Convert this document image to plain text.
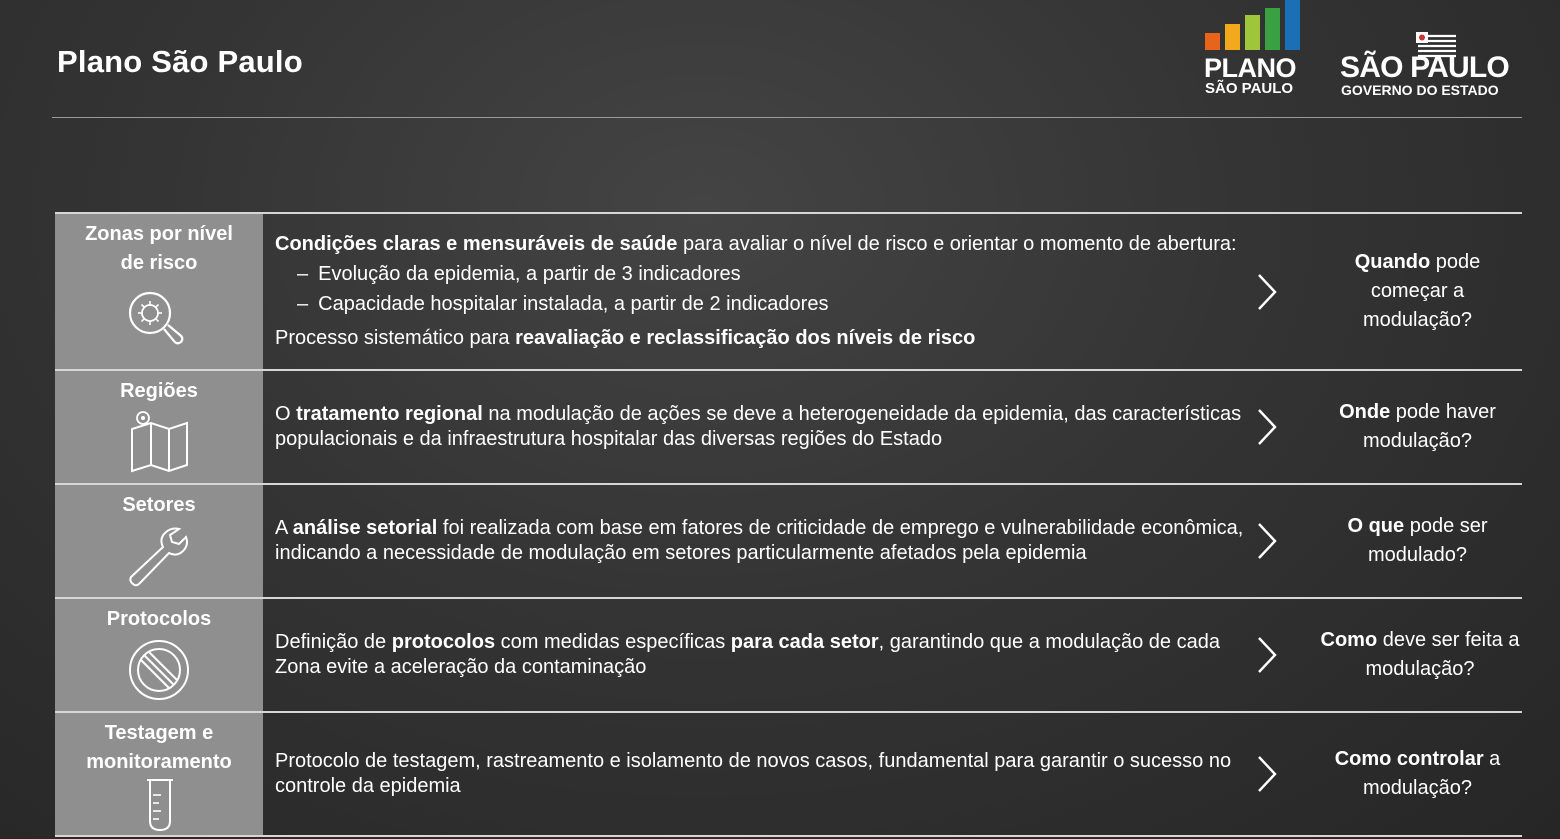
Plano São Paulo	PLANO
SÃO PAULO
SÃO PAULO
GOVERNO DO ESTADO
Zonas por nível de risco
Condições claras e mensuráveis de saúde para avaliar o nível de risco e orientar o momento de abertura:
– Evolução da epidemia, a partir de 3 indicadores
– Capacidade hospitalar instalada, a partir de 2 indicadores
Processo sistemático para reavaliação e reclassificação dos níveis de risco
Quando pode começar a modulação?
Regiões
O tratamento regional na modulação de ações se deve a heterogeneidade da epidemia, das características populacionais e da infraestrutura hospitalar das diversas regiões do Estado
Onde pode haver modulação?
Setores
A análise setorial foi realizada com base em fatores de criticidade de emprego e vulnerabilidade econômica, indicando a necessidade de modulação em setores particularmente afetados pela epidemia
O que pode ser modulado?
Protocolos
Definição de protocolos com medidas específicas para cada setor, garantindo que a modulação de cada Zona evite a aceleração da contaminação
Como deve ser feita a modulação?
Testagem e monitoramento	Protocolo de testagem, rastreamento e isolamento de novos casos, fundamental para garantir o sucesso no controle da epidemia
Como controlar a modulação?
